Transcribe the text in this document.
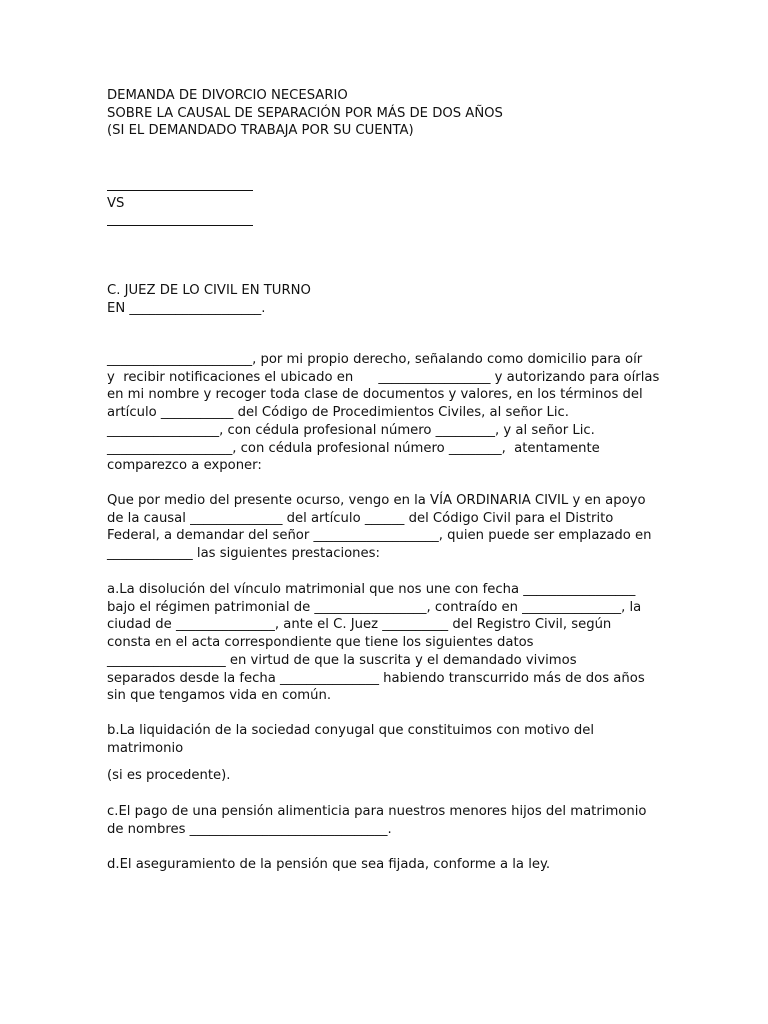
DEMANDA DE DIVORCIO NECESARIO
SOBRE LA CAUSAL DE SEPARACIÓN POR MÁS DE DOS AÑOS
(SI EL DEMANDADO TRABAJA POR SU CUENTA)
VS
C. JUEZ DE LO CIVIL EN TURNO
EN ____________________.
______________________, por mi propio derecho, señalando como domicilio para oír
y  recibir notificaciones el ubicado en      _________________ y autorizando para oírlas
en mi nombre y recoger toda clase de documentos y valores, en los términos del
artículo ___________ del Código de Procedimientos Civiles, al señor Lic.
_________________, con cédula profesional número _________, y al señor Lic.
___________________, con cédula profesional número ________,  atentamente
comparezco a exponer:
Que por medio del presente ocurso, vengo en la VÍA ORDINARIA CIVIL y en apoyo
de la causal ______________ del artículo ______ del Código Civil para el Distrito
Federal, a demandar del señor ___________________, quien puede ser emplazado en
_____________ las siguientes prestaciones:
a.La disolución del vínculo matrimonial que nos une con fecha _________________
bajo el régimen patrimonial de _________________, contraído en _______________, la
ciudad de _______________, ante el C. Juez __________ del Registro Civil, según
consta en el acta correspondiente que tiene los siguientes datos
__________________ en virtud de que la suscrita y el demandado vivimos
separados desde la fecha _______________ habiendo transcurrido más de dos años
sin que tengamos vida en común.
b.La liquidación de la sociedad conyugal que constituimos con motivo del
matrimonio
(si es procedente).
c.El pago de una pensión alimenticia para nuestros menores hijos del matrimonio
de nombres ______________________________.
d.El aseguramiento de la pensión que sea fijada, conforme a la ley.
